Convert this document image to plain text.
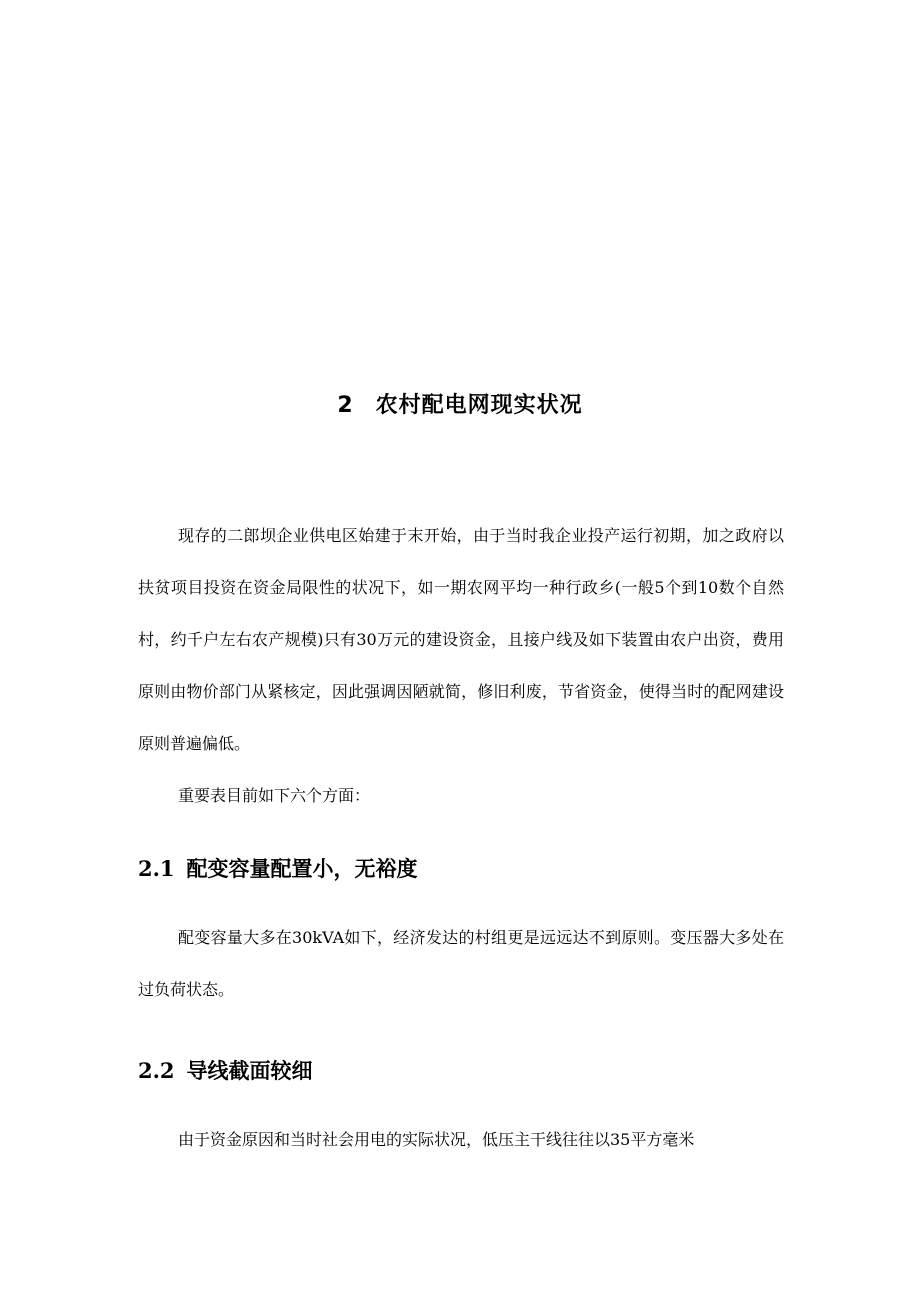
2 农村配电网现实状况

现存的二郎坝企业供电区始建于末开始，由于当时我企业投产运行初期，加之政府以扶贫项目投资在资金局限性的状况下，如一期农网平均一种行政乡(一般5个到10数个自然村，约千户左右农产规模)只有30万元的建设资金，且接户线及如下装置由农户出资，费用原则由物价部门从紧核定，因此强调因陋就简，修旧利废，节省资金，使得当时的配网建设原则普遍偏低。

重要表目前如下六个方面：

2.1 配变容量配置小，无裕度

配变容量大多在30kVA如下，经济发达的村组更是远远达不到原则。变压器大多处在过负荷状态。

2.2 导线截面较细

由于资金原因和当时社会用电的实际状况，低压主干线往往以35平方毫米
